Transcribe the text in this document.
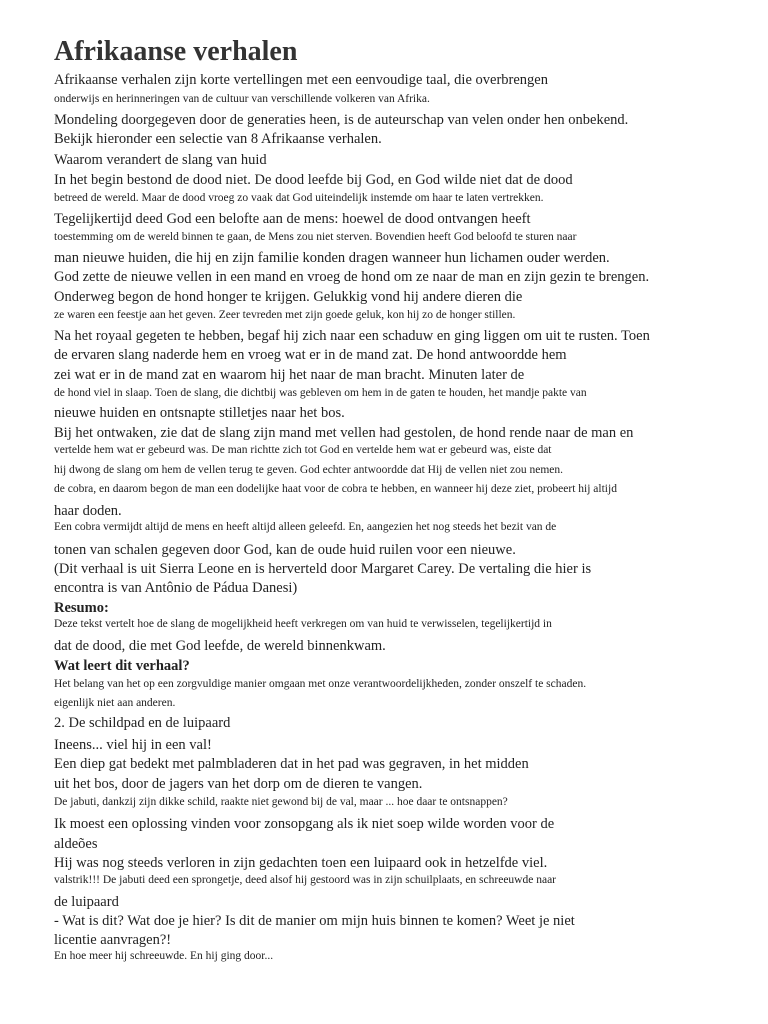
Afrikaanse verhalen

Afrikaanse verhalen zijn korte vertellingen met een eenvoudige taal, die overbrengen

onderwijs en herinneringen van de cultuur van verschillende volkeren van Afrika.

Mondeling doorgegeven door de generaties heen, is de auteurschap van velen onder hen onbekend.

Bekijk hieronder een selectie van 8 Afrikaanse verhalen.

Waarom verandert de slang van huid

In het begin bestond de dood niet. De dood leefde bij God, en God wilde niet dat de dood

betreed de wereld. Maar de dood vroeg zo vaak dat God uiteindelijk instemde om haar te laten vertrekken.

Tegelijkertijd deed God een belofte aan de mens: hoewel de dood ontvangen heeft

toestemming om de wereld binnen te gaan, de Mens zou niet sterven. Bovendien heeft God beloofd te sturen naar

man nieuwe huiden, die hij en zijn familie konden dragen wanneer hun lichamen ouder werden.

God zette de nieuwe vellen in een mand en vroeg de hond om ze naar de man en zijn gezin te brengen.

Onderweg begon de hond honger te krijgen. Gelukkig vond hij andere dieren die

ze waren een feestje aan het geven. Zeer tevreden met zijn goede geluk, kon hij zo de honger stillen.

Na het royaal gegeten te hebben, begaf hij zich naar een schaduw en ging liggen om uit te rusten. Toen

de ervaren slang naderde hem en vroeg wat er in de mand zat. De hond antwoordde hem

zei wat er in de mand zat en waarom hij het naar de man bracht. Minuten later de

de hond viel in slaap. Toen de slang, die dichtbij was gebleven om hem in de gaten te houden, het mandje pakte van

nieuwe huiden en ontsnapte stilletjes naar het bos.

Bij het ontwaken, zie dat de slang zijn mand met vellen had gestolen, de hond rende naar de man en

vertelde hem wat er gebeurd was. De man richtte zich tot God en vertelde hem wat er gebeurd was, eiste dat

hij dwong de slang om hem de vellen terug te geven. God echter antwoordde dat Hij de vellen niet zou nemen.

de cobra, en daarom begon de man een dodelijke haat voor de cobra te hebben, en wanneer hij deze ziet, probeert hij altijd

haar doden.

Een cobra vermijdt altijd de mens en heeft altijd alleen geleefd. En, aangezien het nog steeds het bezit van de

tonen van schalen gegeven door God, kan de oude huid ruilen voor een nieuwe.

(Dit verhaal is uit Sierra Leone en is herverteld door Margaret Carey. De vertaling die hier is

encontra is van Antônio de Pádua Danesi)

Resumo:

Deze tekst vertelt hoe de slang de mogelijkheid heeft verkregen om van huid te verwisselen, tegelijkertijd in

dat de dood, die met God leefde, de wereld binnenkwam.

Wat leert dit verhaal?

Het belang van het op een zorgvuldige manier omgaan met onze verantwoordelijkheden, zonder onszelf te schaden.

eigenlijk niet aan anderen.

2. De schildpad en de luipaard

Ineens... viel hij in een val!

Een diep gat bedekt met palmbladeren dat in het pad was gegraven, in het midden

uit het bos, door de jagers van het dorp om de dieren te vangen.

De jabuti, dankzij zijn dikke schild, raakte niet gewond bij de val, maar ... hoe daar te ontsnappen?

Ik moest een oplossing vinden voor zonsopgang als ik niet soep wilde worden voor de

aldeões

Hij was nog steeds verloren in zijn gedachten toen een luipaard ook in hetzelfde viel.

valstrik!!! De jabuti deed een sprongetje, deed alsof hij gestoord was in zijn schuilplaats, en schreeuwde naar

de luipaard

- Wat is dit? Wat doe je hier? Is dit de manier om mijn huis binnen te komen? Weet je niet

licentie aanvragen?!

En hoe meer hij schreeuwde. En hij ging door...
